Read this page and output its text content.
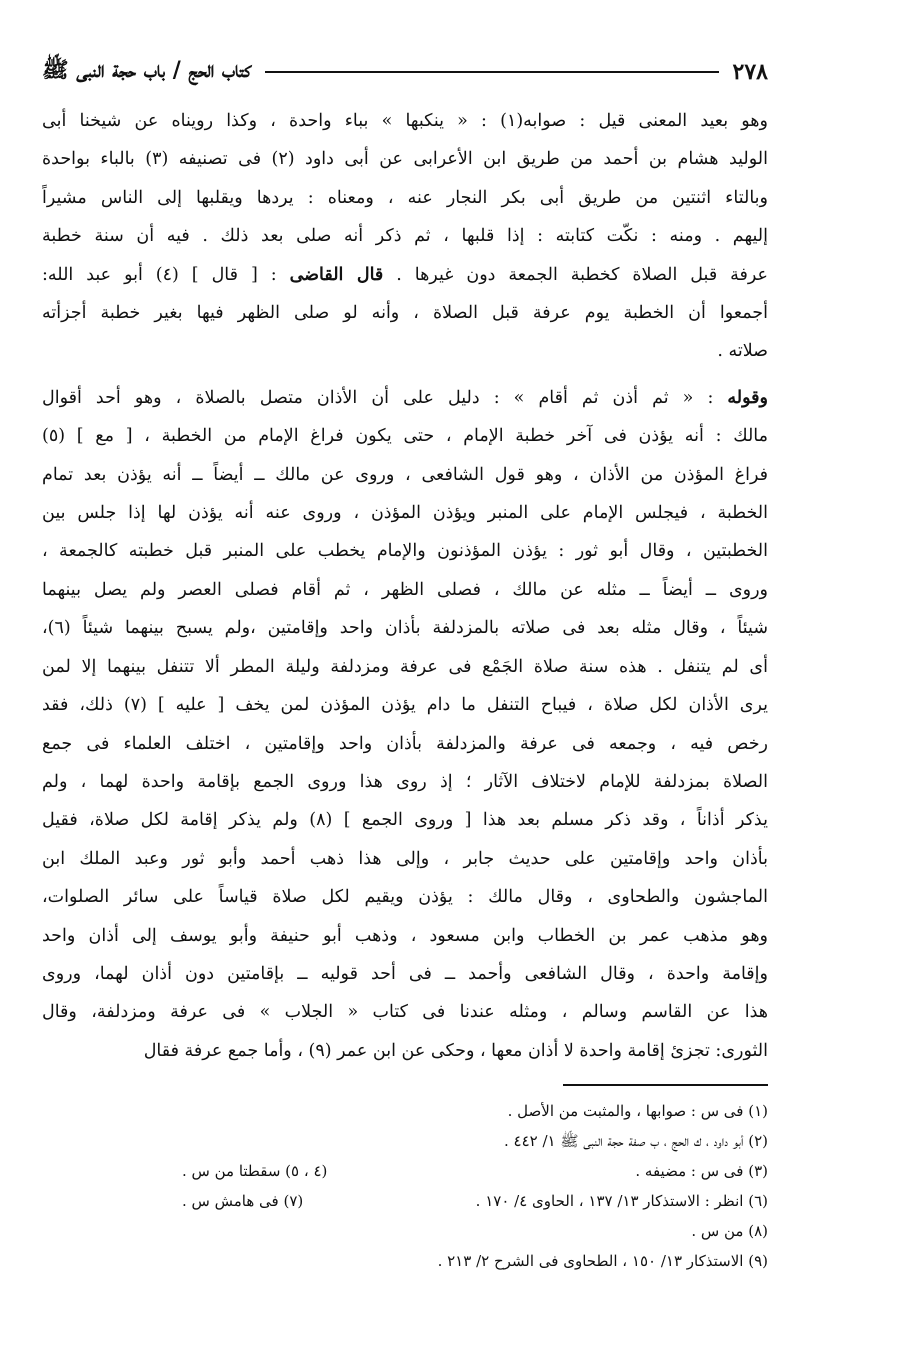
٢٧٨
كتاب الحج / باب حجة النبى ﷺ
وهو بعيد المعنى قيل : صوابه(١) : « ينكبها » بباء واحدة ، وكذا رويناه عن شيخنا أبى
الوليد هشام بن أحمد من طريق ابن الأعرابى عن أبى داود (٢) فى تصنيفه (٣) بالباء بواحدة
وبالتاء اثنتين من طريق أبى بكر النجار عنه ، ومعناه : يردها ويقلبها إلى الناس مشيراً
إليهم . ومنه : نكّت كتابته : إذا قلبها ، ثم ذكر أنه صلى بعد ذلك . فيه أن سنة خطبة
عرفة قبل الصلاة كخطبة الجمعة دون غيرها . قال القاضى : [ قال ] (٤) أبو عبد الله:
أجمعوا أن الخطبة يوم عرفة قبل الصلاة ، وأنه لو صلى الظهر فيها بغير خطبة أجزأته
صلاته .
وقوله : « ثم أذن ثم أقام » : دليل على أن الأذان متصل بالصلاة ، وهو أحد أقوال
مالك : أنه يؤذن فى آخر خطبة الإمام ، حتى يكون فراغ الإمام من الخطبة ، [ مع ] (٥)
فراغ المؤذن من الأذان ، وهو قول الشافعى ، وروى عن مالك ــ أيضاً ــ أنه يؤذن بعد تمام
الخطبة ، فيجلس الإمام على المنبر ويؤذن المؤذن ، وروى عنه أنه يؤذن لها إذا جلس بين
الخطبتين ، وقال أبو ثور : يؤذن المؤذنون والإمام يخطب على المنبر قبل خطبته كالجمعة ،
وروى ــ أيضاً ــ مثله عن مالك ، فصلى الظهر ، ثم أقام فصلى العصر ولم يصل بينهما
شيئاً ، وقال مثله بعد فى صلاته بالمزدلفة بأذان واحد وإقامتين ،ولم يسبح بينهما شيئاً (٦)،
أى لم يتنفل . هذه سنة صلاة الجَمْع فى عرفة ومزدلفة وليلة المطر ألا تتنفل بينهما إلا لمن
يرى الأذان لكل صلاة ، فيباح التنفل ما دام يؤذن المؤذن لمن يخف [ عليه ] (٧) ذلك، فقد
رخص فيه ، وجمعه فى عرفة والمزدلفة بأذان واحد وإقامتين ، اختلف العلماء فى جمع
الصلاة بمزدلفة للإمام لاختلاف الآثار ؛ إذ روى هذا وروى الجمع بإقامة واحدة لهما ، ولم
يذكر أذاناً ، وقد ذكر مسلم بعد هذا [ وروى الجمع ] (٨) ولم يذكر إقامة لكل صلاة، فقيل
بأذان واحد وإقامتين على حديث جابر ، وإلى هذا ذهب أحمد وأبو ثور وعبد الملك ابن
الماجشون والطحاوى ، وقال مالك : يؤذن ويقيم لكل صلاة قياساً على سائر الصلوات،
وهو مذهب عمر بن الخطاب وابن مسعود ، وذهب أبو حنيفة وأبو يوسف إلى أذان واحد
وإقامة واحدة ، وقال الشافعى وأحمد ــ فى أحد قوليه ــ بإقامتين دون أذان لهما، وروى
هذا عن القاسم وسالم ، ومثله عندنا فى كتاب « الجلاب » فى عرفة ومزدلفة، وقال
الثورى: تجزئ إقامة واحدة لا أذان معها ، وحكى عن ابن عمر (٩) ، وأما جمع عرفة فقال
(١) فى س : صوابها ، والمثبت من الأصل .
(٢) أبو داود ، ك الحج ، ب صفة حجة النبى ﷺ ١/ ٤٤٢ .
(٣) فى س : مضيفه .
(٤ ، ٥) سقطتا من س .
(٦) انظر : الاستذكار ١٣/ ١٣٧ ، الحاوى ٤/ ١٧٠ .
(٧) فى هامش س .
(٨) من س .
(٩) الاستذكار ١٣/ ١٥٠ ، الطحاوى فى الشرح ٢/ ٢١٣ .
